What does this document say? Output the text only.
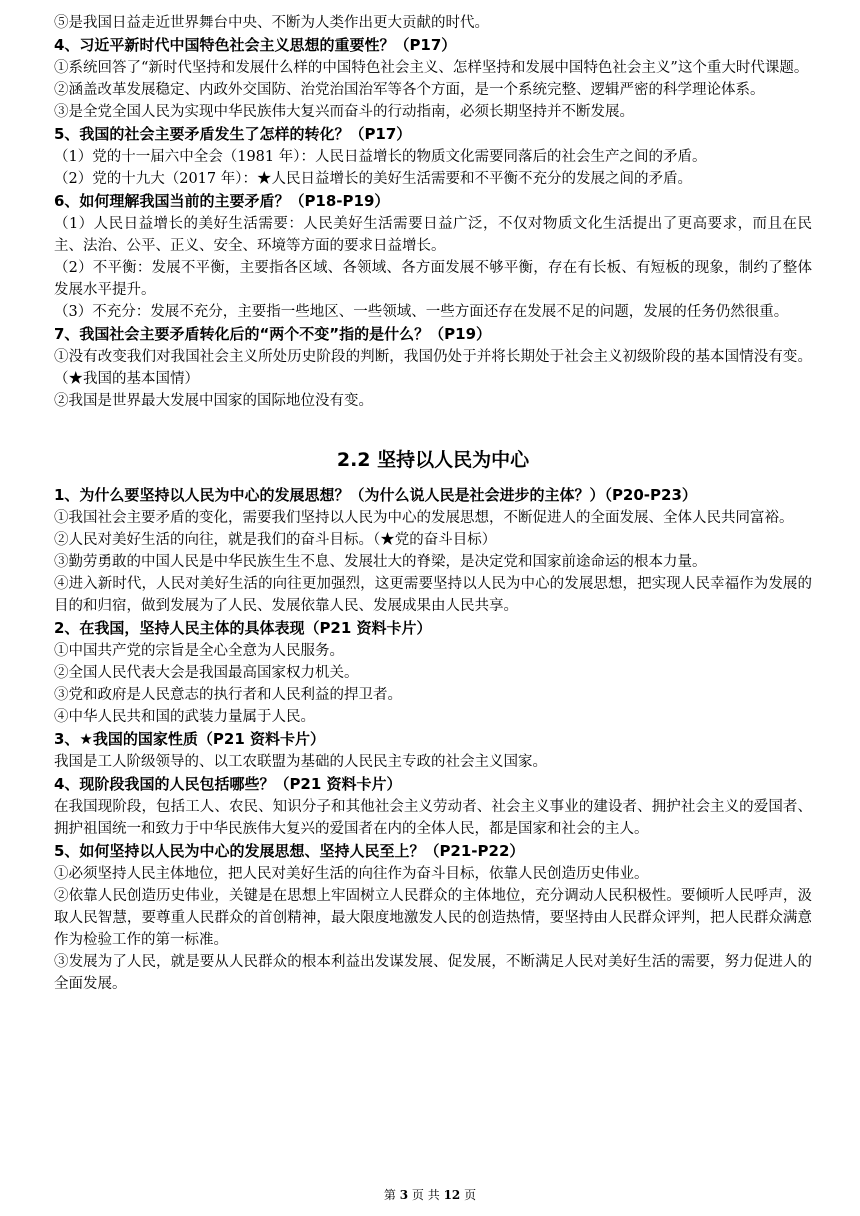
⑤是我国日益走近世界舞台中央、不断为人类作出更大贡献的时代。

4、习近平新时代中国特色社会主义思想的重要性？（P17）

①系统回答了“新时代坚持和发展什么样的中国特色社会主义、怎样坚持和发展中国特色社会主义”这个重大时代课题。

②涵盖改革发展稳定、内政外交国防、治党治国治军等各个方面，是一个系统完整、逻辑严密的科学理论体系。

③是全党全国人民为实现中华民族伟大复兴而奋斗的行动指南，必须长期坚持并不断发展。

5、我国的社会主要矛盾发生了怎样的转化？（P17）

（1）党的十一届六中全会（1981 年）：人民日益增长的物质文化需要同落后的社会生产之间的矛盾。

（2）党的十九大（2017 年）：★人民日益增长的美好生活需要和不平衡不充分的发展之间的矛盾。

6、如何理解我国当前的主要矛盾？（P18-P19）

（1）人民日益增长的美好生活需要：人民美好生活需要日益广泛，不仅对物质文化生活提出了更高要求，而且在民主、法治、公平、正义、安全、环境等方面的要求日益增长。

（2）不平衡：发展不平衡，主要指各区域、各领域、各方面发展不够平衡，存在有长板、有短板的现象，制约了整体发展水平提升。

（3）不充分：发展不充分，主要指一些地区、一些领域、一些方面还存在发展不足的问题，发展的任务仍然很重。

7、我国社会主要矛盾转化后的“两个不变”指的是什么？（P19）

①没有改变我们对我国社会主义所处历史阶段的判断，我国仍处于并将长期处于社会主义初级阶段的基本国情没有变。（★我国的基本国情）

②我国是世界最大发展中国家的国际地位没有变。

2.2 坚持以人民为中心

1、为什么要坚持以人民为中心的发展思想？（为什么说人民是社会进步的主体？）（P20-P23）

①我国社会主要矛盾的变化，需要我们坚持以人民为中心的发展思想，不断促进人的全面发展、全体人民共同富裕。

②人民对美好生活的向往，就是我们的奋斗目标。（★党的奋斗目标）

③勤劳勇敢的中国人民是中华民族生生不息、发展壮大的脊梁，是决定党和国家前途命运的根本力量。

④进入新时代，人民对美好生活的向往更加强烈，这更需要坚持以人民为中心的发展思想，把实现人民幸福作为发展的目的和归宿，做到发展为了人民、发展依靠人民、发展成果由人民共享。

2、在我国，坚持人民主体的具体表现（P21 资料卡片）

①中国共产党的宗旨是全心全意为人民服务。

②全国人民代表大会是我国最高国家权力机关。

③党和政府是人民意志的执行者和人民利益的捍卫者。

④中华人民共和国的武装力量属于人民。

3、★我国的国家性质（P21 资料卡片）

我国是工人阶级领导的、以工农联盟为基础的人民民主专政的社会主义国家。

4、现阶段我国的人民包括哪些？（P21 资料卡片）

在我国现阶段，包括工人、农民、知识分子和其他社会主义劳动者、社会主义事业的建设者、拥护社会主义的爱国者、拥护祖国统一和致力于中华民族伟大复兴的爱国者在内的全体人民，都是国家和社会的主人。

5、如何坚持以人民为中心的发展思想、坚持人民至上？（P21-P22）

①必须坚持人民主体地位，把人民对美好生活的向往作为奋斗目标，依靠人民创造历史伟业。

②依靠人民创造历史伟业，关键是在思想上牢固树立人民群众的主体地位，充分调动人民积极性。要倾听人民呼声，汲取人民智慧，要尊重人民群众的首创精神，最大限度地激发人民的创造热情，要坚持由人民群众评判，把人民群众满意作为检验工作的第一标准。

③发展为了人民，就是要从人民群众的根本利益出发谋发展、促发展，不断满足人民对美好生活的需要，努力促进人的全面发展。

第 3 页 共 12 页
